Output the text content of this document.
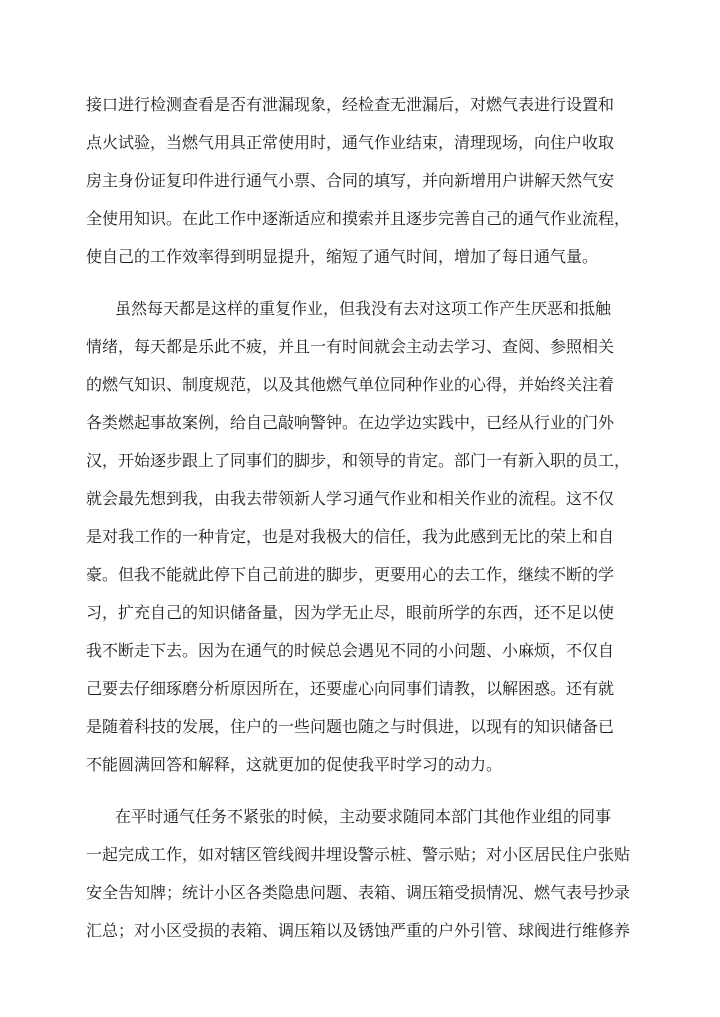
接口进行检测查看是否有泄漏现象，经检查无泄漏后，对燃气表进行设置和
点火试验，当燃气用具正常使用时，通气作业结束，清理现场，向住户收取
房主身份证复印件进行通气小票、合同的填写，并向新增用户讲解天然气安
全使用知识。在此工作中逐渐适应和摸索并且逐步完善自己的通气作业流程，
使自己的工作效率得到明显提升，缩短了通气时间，增加了每日通气量。
虽然每天都是这样的重复作业，但我没有去对这项工作产生厌恶和抵触
情绪，每天都是乐此不疲，并且一有时间就会主动去学习、查阅、参照相关
的燃气知识、制度规范，以及其他燃气单位同种作业的心得，并始终关注着
各类燃起事故案例，给自己敲响警钟。在边学边实践中，已经从行业的门外
汉，开始逐步跟上了同事们的脚步，和领导的肯定。部门一有新入职的员工，
就会最先想到我，由我去带领新人学习通气作业和相关作业的流程。这不仅
是对我工作的一种肯定，也是对我极大的信任，我为此感到无比的荣上和自
豪。但我不能就此停下自己前进的脚步，更要用心的去工作，继续不断的学
习，扩充自己的知识储备量，因为学无止尽，眼前所学的东西，还不足以使
我不断走下去。因为在通气的时候总会遇见不同的小问题、小麻烦，不仅自
己要去仔细琢磨分析原因所在，还要虚心向同事们请教，以解困惑。还有就
是随着科技的发展，住户的一些问题也随之与时俱进，以现有的知识储备已
不能圆满回答和解释，这就更加的促使我平时学习的动力。
在平时通气任务不紧张的时候，主动要求随同本部门其他作业组的同事
一起完成工作，如对辖区管线阀井埋设警示桩、警示贴；对小区居民住户张贴
安全告知牌；统计小区各类隐患问题、表箱、调压箱受损情况、燃气表号抄录
汇总；对小区受损的表箱、调压箱以及锈蚀严重的户外引管、球阀进行维修养
